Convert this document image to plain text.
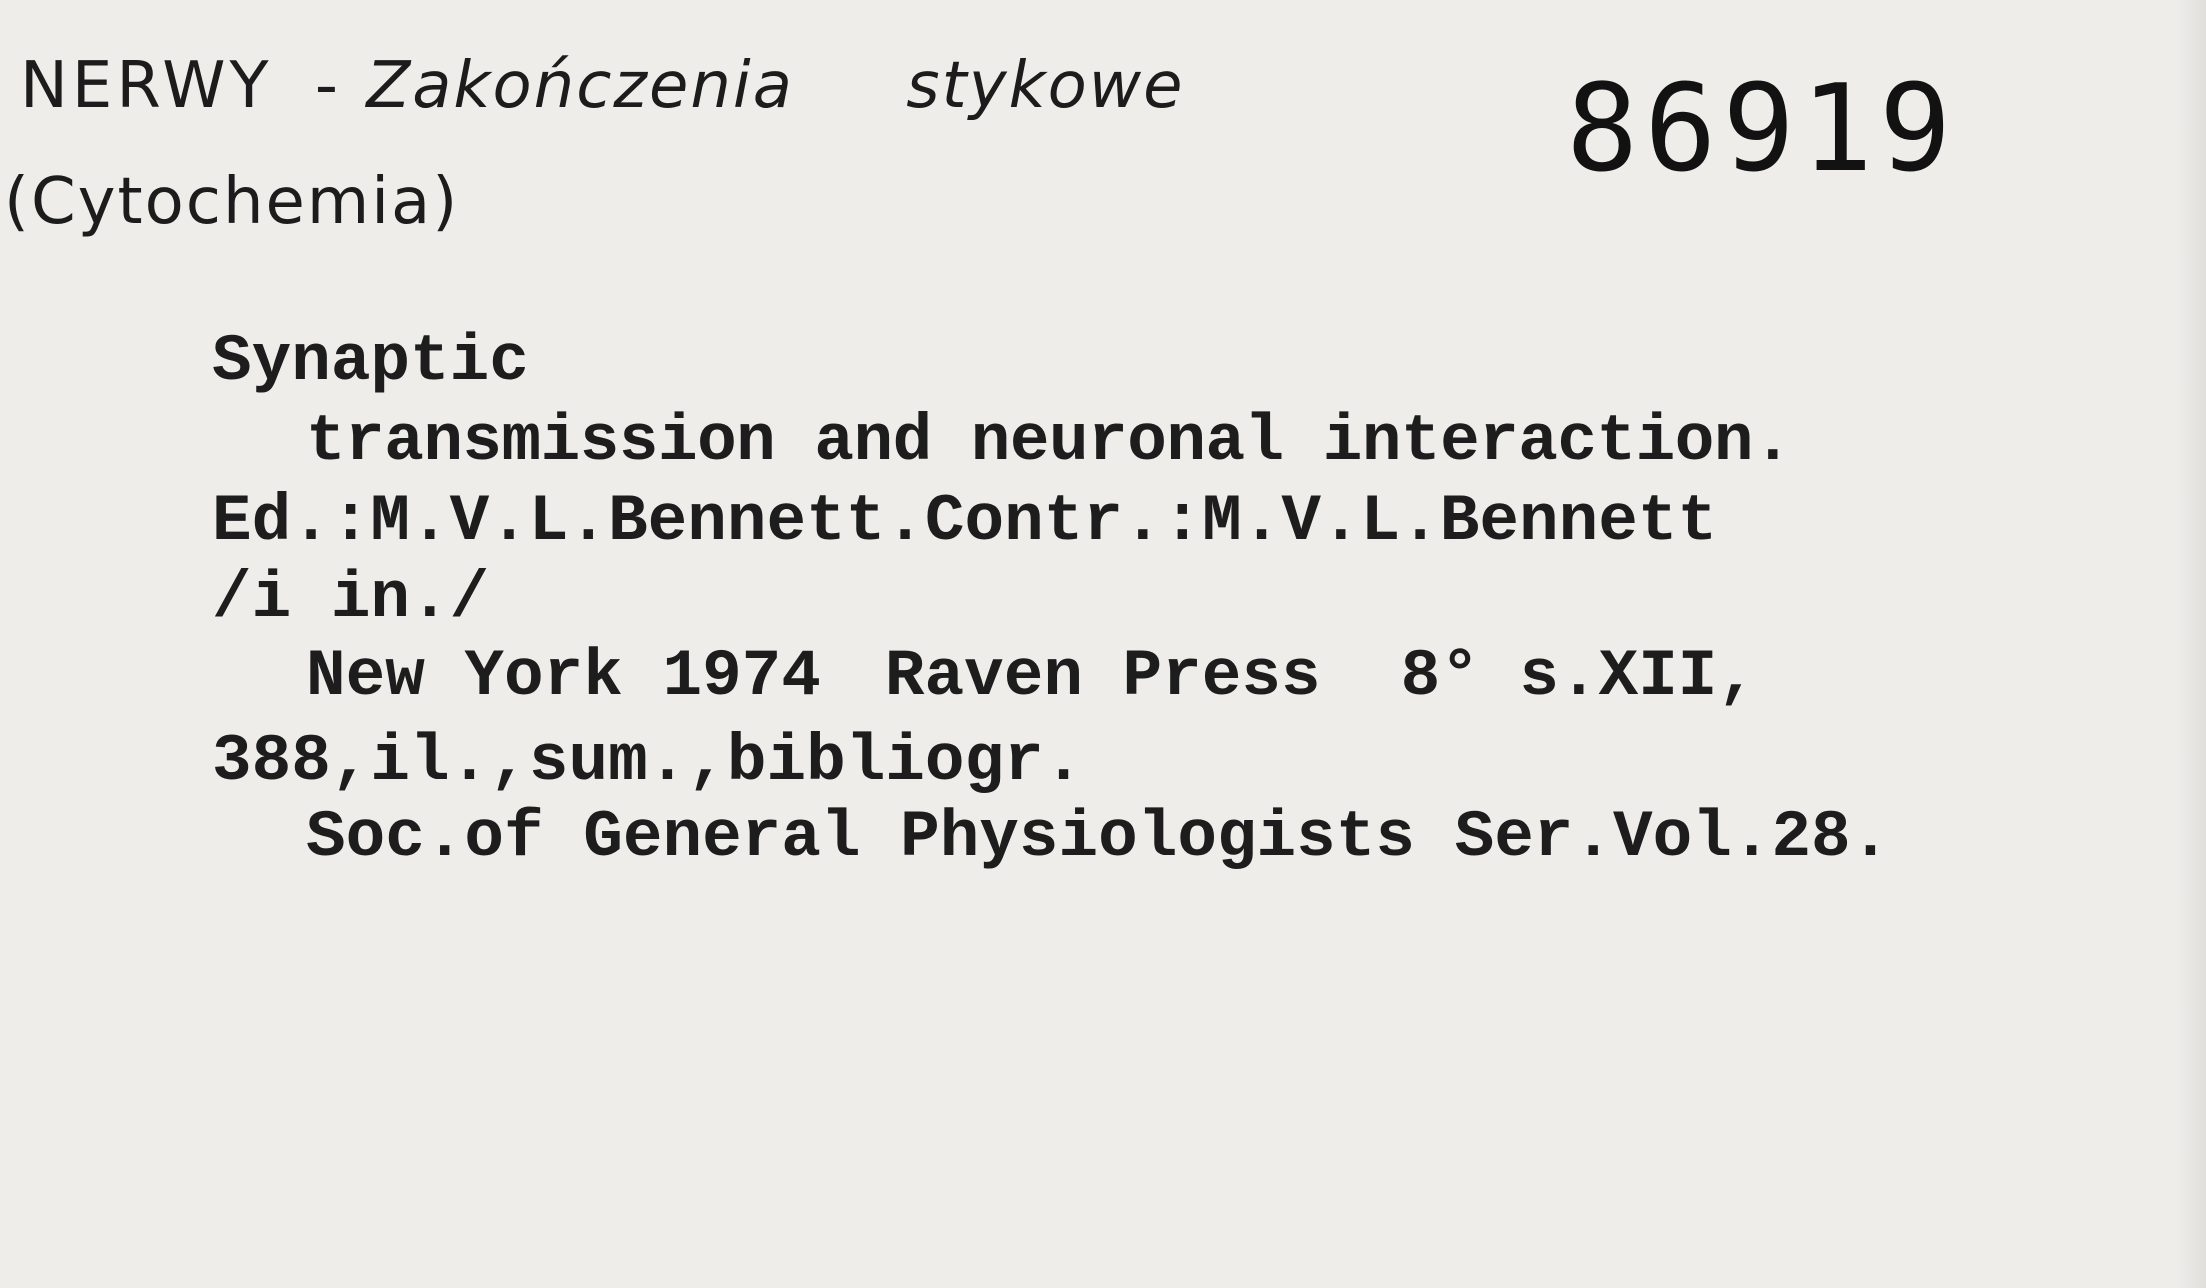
NERWY - Zakończenia stykowe
(Cytochemia)
86919
Synaptic
transmission and neuronal interaction.
Ed.:M.V.L.Bennett.Contr.:M.V.L.Bennett
/i in./
New York 1974 Raven Press 8° s.XII,
388,il.,sum.,bibliogr.
Soc.of General Physiologists Ser.Vol.28.
